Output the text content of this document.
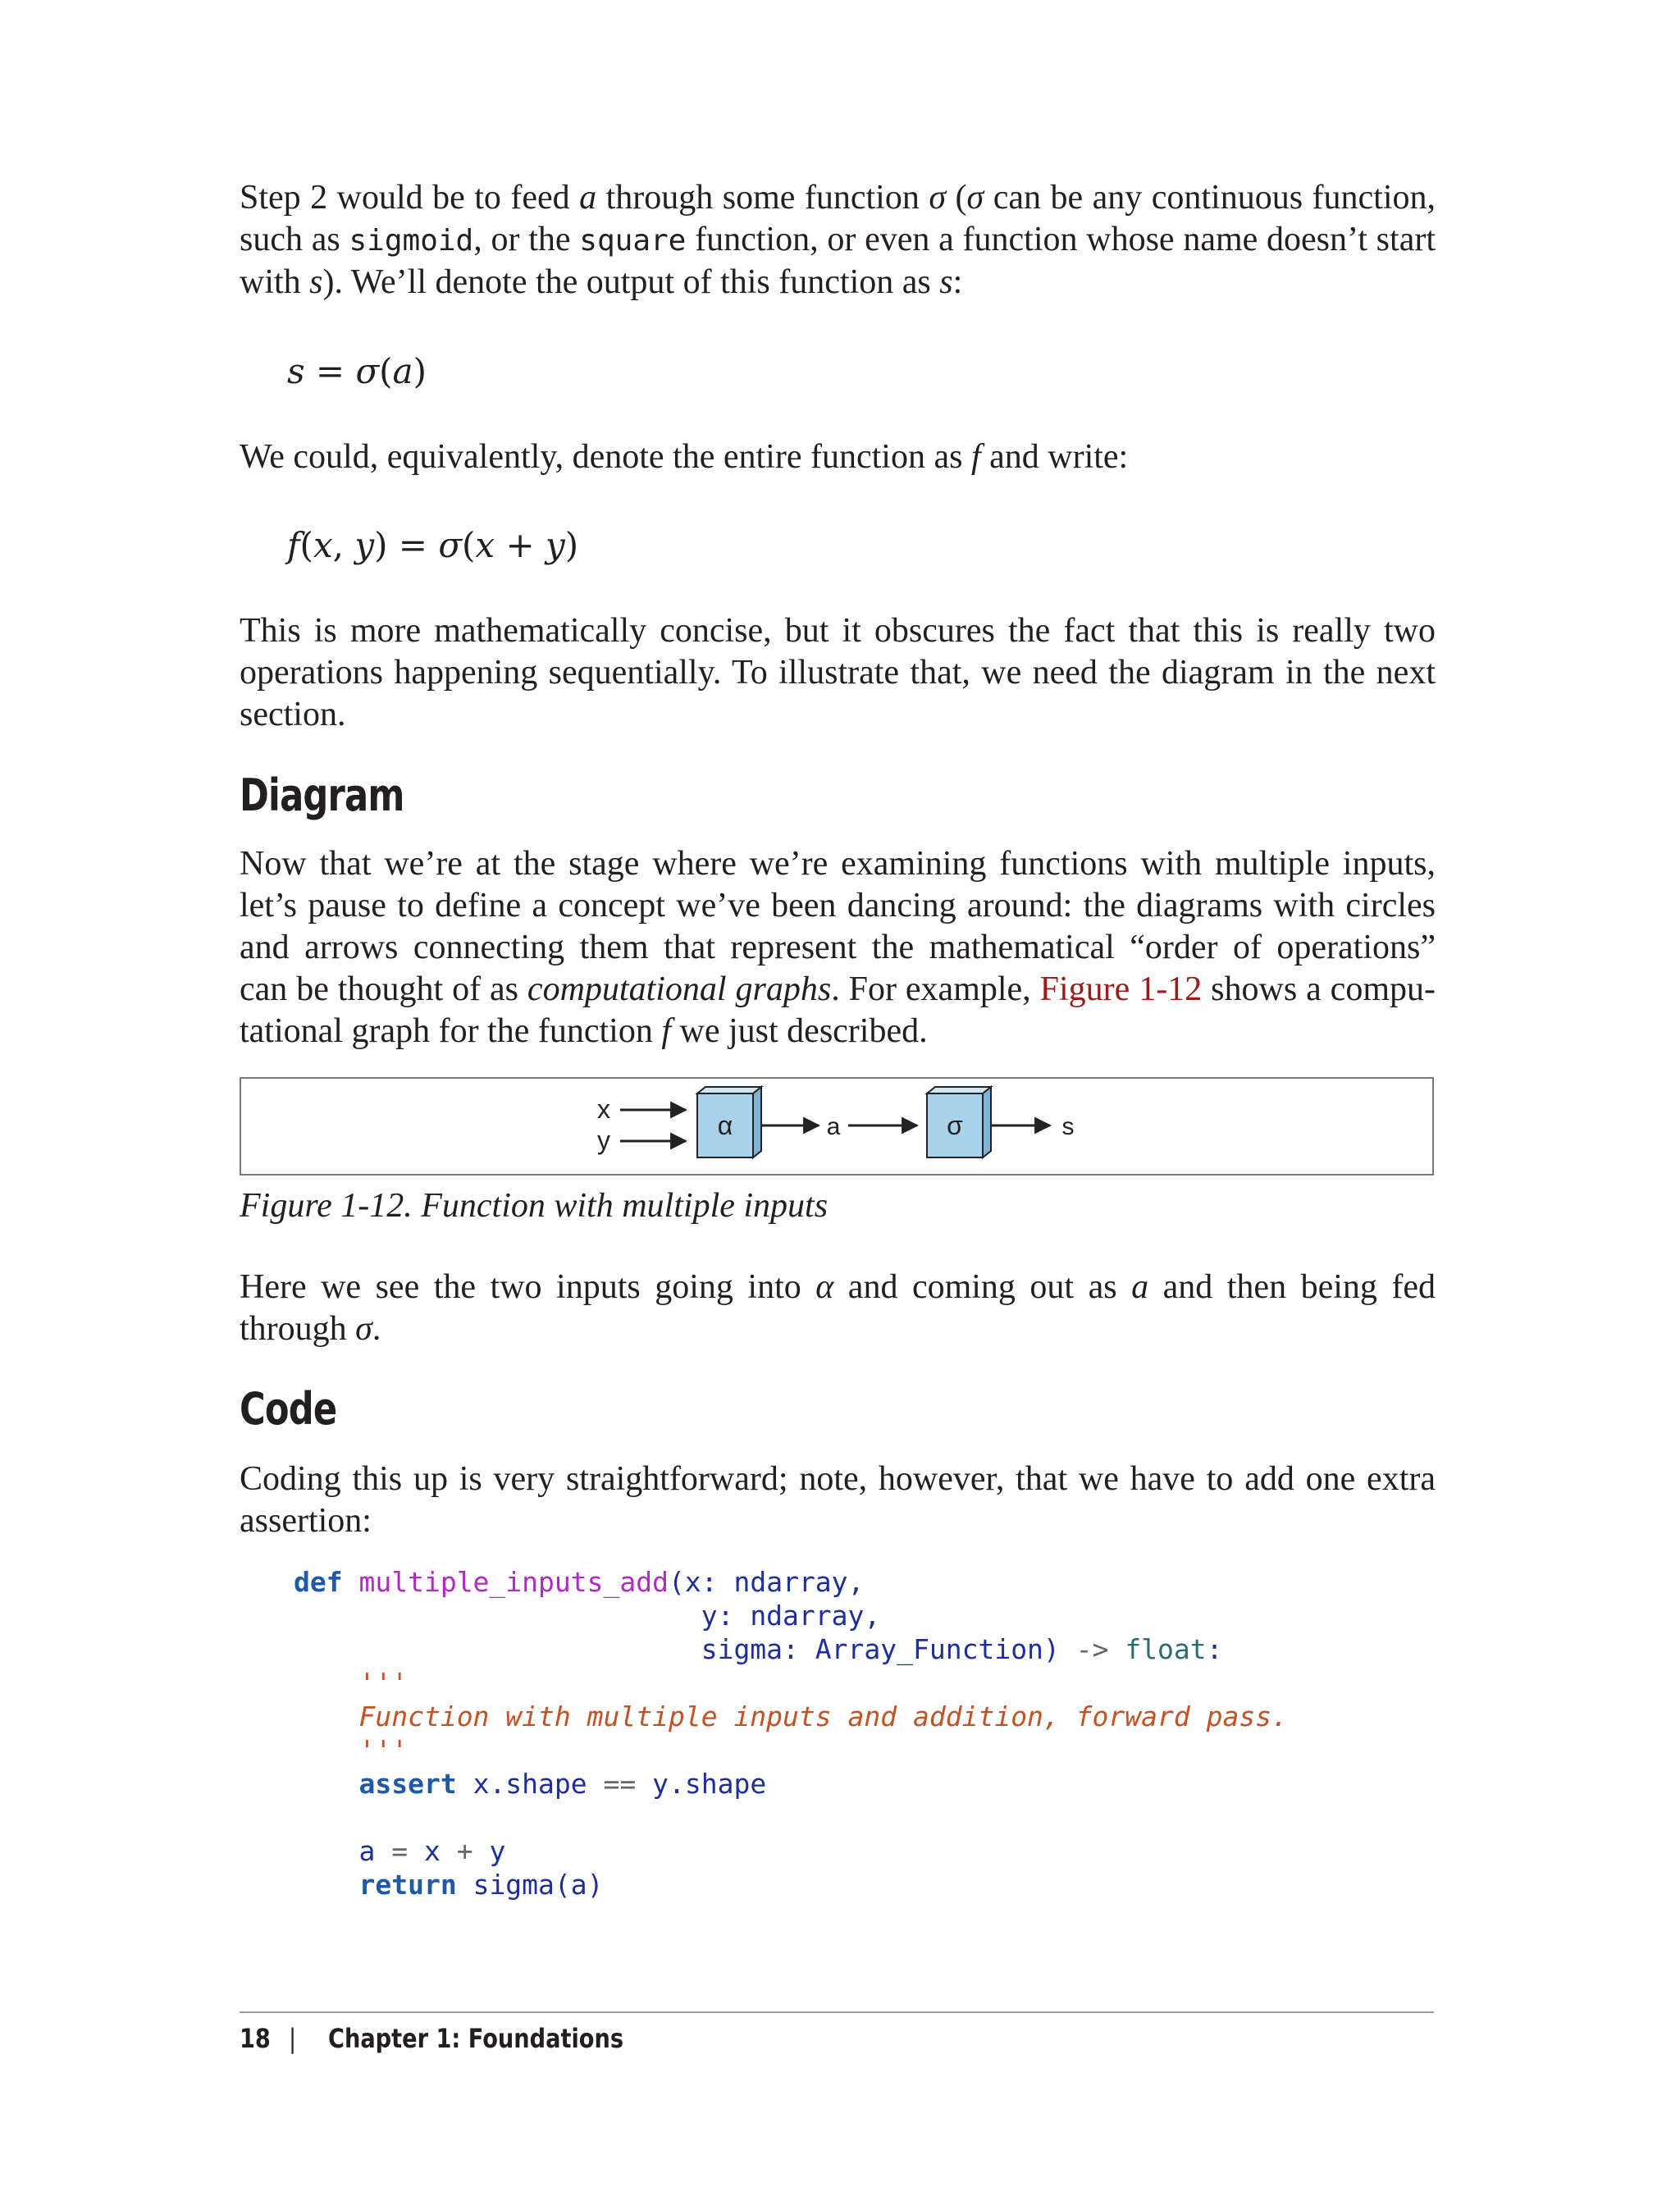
Step 2 would be to feed a through some function σ (σ can be any continuous function,
such as sigmoid, or the square function, or even a function whose name doesn’t start
with s). We’ll denote the output of this function as s:
s = σ(a)
We could, equivalently, denote the entire function as f and write:
f(x, y) = σ(x + y)
This is more mathematically concise, but it obscures the fact that this is really two
operations happening sequentially. To illustrate that, we need the diagram in the next
section.
Diagram
Now that we’re at the stage where we’re examining functions with multiple inputs,
let’s pause to define a concept we’ve been dancing around: the diagrams with circles
and arrows connecting them that represent the mathematical “order of operations”
can be thought of as computational graphs. For example, Figure 1-12 shows a compu-
tational graph for the function f we just described.
x
y	α	a	σ	s
Figure 1-12. Function with multiple inputs
Here we see the two inputs going into α and coming out as a and then being fed
through σ.
Code
Coding this up is very straightforward; note, however, that we have to add one extra
assertion:
def multiple_inputs_add(x: ndarray,
y: ndarray,
sigma: Array_Function) -> float:
'''
Function with multiple inputs and addition, forward pass.
'''
assert x.shape == y.shape

a = x + y
return sigma(a)
18 | Chapter 1: Foundations
